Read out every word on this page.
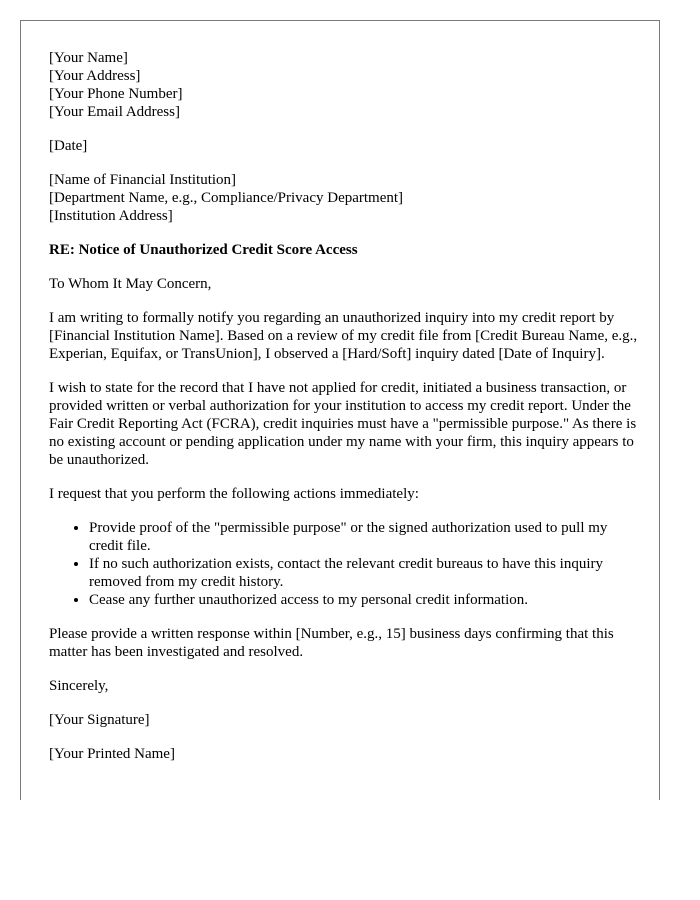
[Your Name]
[Your Address]
[Your Phone Number]
[Your Email Address]

[Date]

[Name of Financial Institution]
[Department Name, e.g., Compliance/Privacy Department]
[Institution Address]

RE: Notice of Unauthorized Credit Score Access

To Whom It May Concern,

I am writing to formally notify you regarding an unauthorized inquiry into my credit report by [Financial Institution Name]. Based on a review of my credit file from [Credit Bureau Name, e.g., Experian, Equifax, or TransUnion], I observed a [Hard/Soft] inquiry dated [Date of Inquiry].

I wish to state for the record that I have not applied for credit, initiated a business transaction, or provided written or verbal authorization for your institution to access my credit report. Under the Fair Credit Reporting Act (FCRA), credit inquiries must have a "permissible purpose." As there is no existing account or pending application under my name with your firm, this inquiry appears to be unauthorized.

I request that you perform the following actions immediately:

• Provide proof of the "permissible purpose" or the signed authorization used to pull my credit file.
• If no such authorization exists, contact the relevant credit bureaus to have this inquiry removed from my credit history.
• Cease any further unauthorized access to my personal credit information.

Please provide a written response within [Number, e.g., 15] business days confirming that this matter has been investigated and resolved.

Sincerely,

[Your Signature]

[Your Printed Name]
